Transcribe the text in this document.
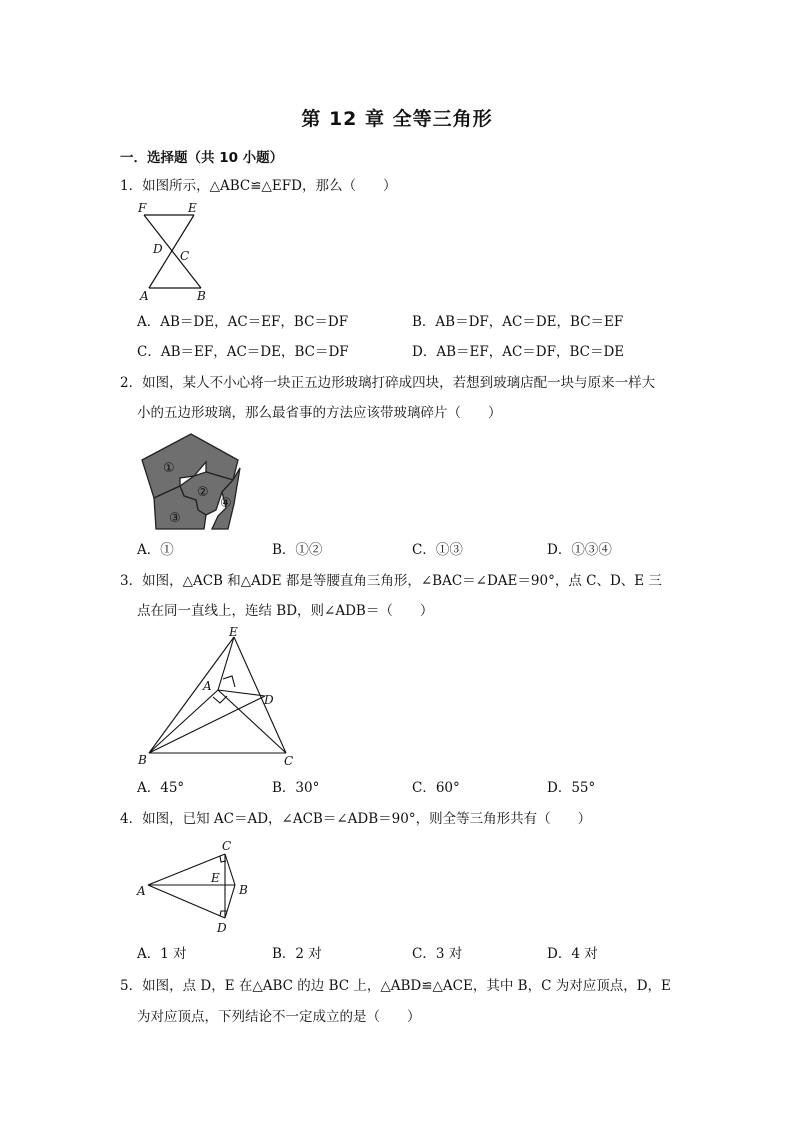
第 12 章 全等三角形
一．选择题（共 10 小题）
1．如图所示，△ABC≌△EFD，那么（　　）
F	E
D C
A	B
A．AB＝DE，AC＝EF，BC＝DF	B．AB＝DF，AC＝DE，BC＝EF
C．AB＝EF，AC＝DE，BC＝DF	D．AB＝EF，AC＝DF，BC＝DE
2．如图，某人不小心将一块正五边形玻璃打碎成四块，若想到玻璃店配一块与原来一样大
小的五边形玻璃，那么最省事的方法应该带玻璃碎片（　　）
①
②
③
④
A．①	B．①②	C．①③	D．①③④
3．如图，△ACB 和△ADE 都是等腰直角三角形，∠BAC＝∠DAE＝90°，点 C、D、E 三
点在同一直线上，连结 BD，则∠ADB＝（　　）
E
A
D
B	C
A．45°	B．30°	C．60°	D．55°
4．如图，已知 AC＝AD，∠ACB＝∠ADB＝90°，则全等三角形共有（　　）
C
A
E
B
D
A．1 对	B．2 对	C．3 对	D．4 对
5．如图，点 D，E 在△ABC 的边 BC 上，△ABD≌△ACE，其中 B，C 为对应顶点，D，E
为对应顶点，下列结论不一定成立的是（　　）
